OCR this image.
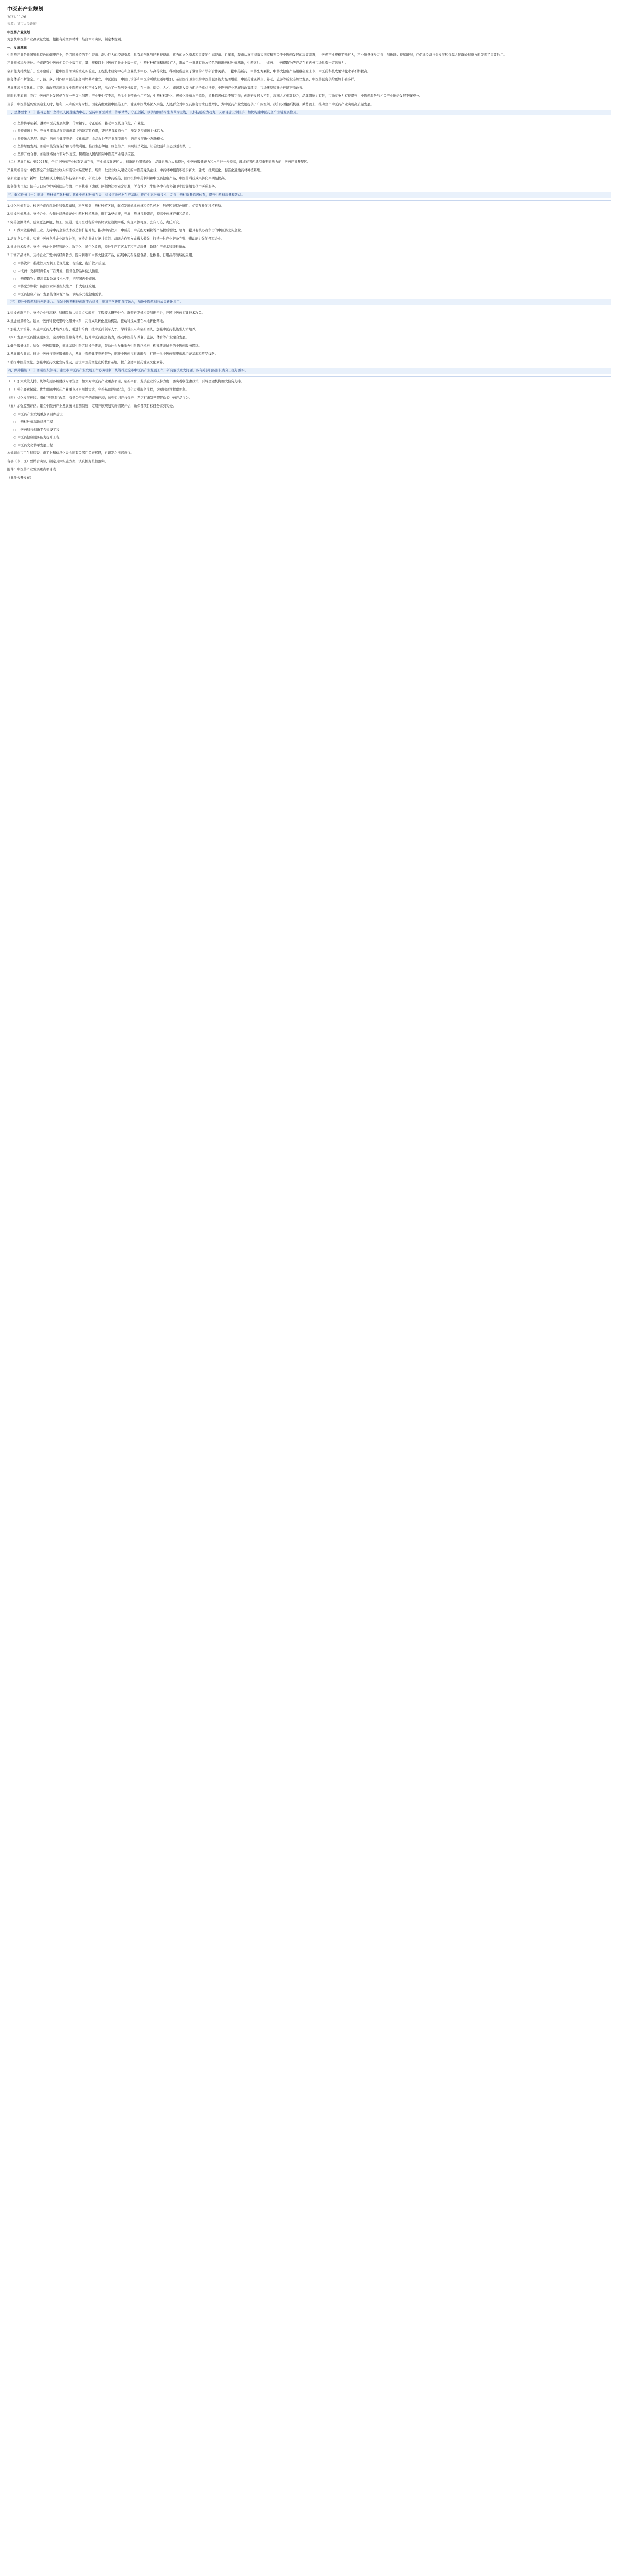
中医药产业规划
2021-11-26
来源：某市人民政府
中医药产业规划
为加快中医药产业高质量发展，根据有关文件精神，结合本市实际，制定本规划。
一、发展基础
中医药产业是我国独具特色的健康产业，是我国独特的卫生资源、潜力巨大的经济资源、具有原创优势的科技资源、优秀的文化资源和重要的生态资源。近年来，我市认真贯彻落实国家和省关于中医药发展的决策部署，中医药产业规模不断扩大，产业链条逐步完善，创新能力持续增强，在促进经济社会发展和保障人民群众健康方面发挥了重要作用。
产业规模稳步增长。全市现有中医药相关企业数百家，其中规模以上中医药工业企业数十家，中药材种植面积持续扩大，形成了一批具有地方特色的道地药材种植基地，中药饮片、中成药、中药提取物等产品在省内外市场具有一定影响力。
创新能力持续提升。全市建成了一批中医药领域的重点实验室、工程技术研究中心和企业技术中心，与高等院校、科研院所建立了紧密的产学研合作关系，一批中药新药、中药配方颗粒、中药大健康产品相继研发上市，中医药科技成果转化水平不断提高。
服务体系不断健全。市、县、乡、村四级中医药服务网络基本建立，中医医院、中医门诊部和中医诊所数量逐年增加，基层医疗卫生机构中医药服务能力显著增强，中医药健康养生、养老、旅游等新业态加快发展，中医药服务供给更加丰富多样。
发展环境日益优化。市委、市政府高度重视中医药事业和产业发展，出台了一系列支持政策，在土地、资金、人才、市场准入等方面给予重点扶持，中医药产业发展的政策环境、市场环境和社会环境不断改善。
同时也要看到，我市中医药产业发展仍存在一些突出问题：产业集中度不高，龙头企业带动作用不强；中药材标准化、规模化种植水平偏低，质量追溯体系不够完善；创新研发投入不足，高端人才相对缺乏；品牌影响力有限，市场竞争力有待提升；中医药服务与相关产业融合发展不够充分。
当前，中医药振兴发展迎来天时、地利、人和的大好时机。国家高度重视中医药工作，健康中国战略深入实施，人民群众对中医药服务需求日益增长，为中医药产业发展提供了广阔空间。我们必须抢抓机遇、乘势而上，推动全市中医药产业实现高质量发展。
二、总体要求（一）指导思想：坚持以人民健康为中心，坚持中西医并重，传承精华、守正创新，以供给侧结构性改革为主线，以科技创新为动力，以项目建设为抓手，加快构建中医药全产业链发展格局。
○ 坚持传承创新。遵循中医药发展规律，传承精华，守正创新，推动中医药现代化、产业化。
○ 坚持市场主导。充分发挥市场在资源配置中的决定性作用，更好发挥政府作用，激发各类市场主体活力。
○ 坚持融合发展。推动中医药与健康养老、文化旅游、食品农业等产业深度融合，培育发展新业态新模式。
○ 坚持绿色发展。加强中药资源保护和可持续利用，推行生态种植、绿色生产，实现经济效益、社会效益和生态效益相统一。
○ 坚持开放合作。加强区域协作和对外交流，积极融入国内国际中医药产业链供应链。
（二）发展目标：到2025年，全市中医药产业体系更加完善，产业规模显著扩大，创新能力明显增强，品牌影响力大幅提升，中医药服务能力和水平进一步提高，建成在省内具有重要影响力的中医药产业集聚区。
产业规模目标：中医药全产业链营业收入实现较大幅度增长，培育一批营业收入超亿元的中医药龙头企业，中药材种植面积稳步扩大，建成一批规范化、标准化道地药材种植基地。
创新发展目标：新增一批省级以上中医药科技创新平台，研发上市一批中药新药、医疗机构中药制剂和中医药健康产品，中医药科技成果转化率明显提高。
服务能力目标：每千人口公立中医医院床位数、中医执业（助理）医师数达到省定标准，所有社区卫生服务中心和乡镇卫生院能够提供中医药服务。
三、重点任务（一）推进中药材规范化种植。优化中药材种植布局，建设道地药材生产基地，推广生态种植技术，完善中药材质量追溯体系，提升中药材质量和效益。
1.优化种植布局。根据全市自然条件和资源禀赋，科学规划中药材种植区域，重点发展道地药材和特色药材，形成区域特色鲜明、优势互补的种植格局。
2.建设种植基地。支持企业、合作社建设规范化中药材种植基地，推行GAP标准，开展中药材良种繁育，提高中药材产量和品质。
3.完善追溯体系。建立覆盖种植、加工、流通、使用全过程的中药材质量追溯体系，实现来源可查、去向可追、责任可究。
（二）做大做强中药工业。支持中药企业技术改造和扩能升级，推动中药饮片、中成药、中药配方颗粒等产品提质增效，培育一批具有核心竞争力的中医药龙头企业。
1.培育龙头企业。实施中医药龙头企业培育计划，支持企业通过兼并重组、战略合作等方式做大做强，打造一批产业链条完整、带动能力强的领军企业。
2.推进技术改造。支持中药企业开展智能化、数字化、绿色化改造，提升生产工艺水平和产品质量，降低生产成本和能耗排放。
3.丰富产品体系。支持企业开发中药经典名方、院内制剂和中药大健康产品，拓展中药在保健食品、化妆品、日用品等领域的应用。
○ 中药饮片：推进饮片炮制工艺规范化、标准化，提升饮片质量。
○ 中成药：支持经典名方二次开发，推动优势品种做大做强。
○ 中药提取物：提高提取分离技术水平，拓展国内外市场。
○ 中药配方颗粒：按照国家标准组织生产，扩大临床应用。
○ 中医药健康产品：发展药食同源产品，满足多元化健康需求。
（三）提升中医药科技创新能力。加强中医药科技创新平台建设，推进产学研用深度融合，加快中医药科技成果转化应用。
1.建设创新平台。支持企业与高校、科研院所共建重点实验室、工程技术研究中心、新型研发机构等创新平台，开展中医药关键技术攻关。
2.推进成果转化。建立中医药科技成果转化服务体系，完善成果转化激励机制，推动科技成果在本地转化落地。
3.加强人才培养。实施中医药人才培养工程，引进和培育一批中医药领军人才、学科带头人和创新团队，加强中医药技能型人才培养。
（四）发展中医药健康服务业。完善中医药服务体系，提升中医药服务能力，推动中医药与养老、旅游、体育等产业融合发展。
1.健全服务体系。加强中医医院建设，推进基层中医馆建设全覆盖，鼓励社会力量举办中医医疗机构，构建覆盖城乡的中医药服务网络。
2.发展融合业态。推进中医药与养老服务融合，发展中医药健康养老服务；推进中医药与旅游融合，打造一批中医药健康旅游示范基地和精品线路。
3.弘扬中医药文化。加强中医药文化宣传普及，建设中医药文化宣传教育基地，提升全民中医药健康文化素养。
四、保障措施（一）加强组织领导。建立市中医药产业发展工作协调机制，统筹推进全市中医药产业发展工作，研究解决重大问题，各有关部门按照职责分工抓好落实。
（二）加大政策支持。统筹利用各级财政专项资金，加大对中医药产业重点项目、创新平台、龙头企业的支持力度；落实税收优惠政策，引导金融机构加大信贷支持。
（三）强化要素保障。优先保障中医药产业重点项目用地需求，完善基础设施配套，优化审批服务流程，为项目建设提供便利。
（四）优化发展环境。深化“放管服”改革，营造公平竞争的市场环境；加强知识产权保护，严厉打击制售假冒伪劣中药产品行为。
（五）加强监测评估。建立中医药产业发展统计监测制度，定期开展规划实施情况评估，确保各项目标任务落到实处。
○ 中医药产业发展重点项目库建设
○ 中药材种植基地建设工程
○ 中医药科技创新平台建设工程
○ 中医药健康服务能力提升工程
○ 中医药文化传承发展工程
本规划由市卫生健康委、市工业和信息化局会同有关部门负责解释，自印发之日起施行。
各县（市、区）要结合实际，制定具体实施方案，认真抓好贯彻落实。
附件：中医药产业发展重点项目表
（此件公开发布）
